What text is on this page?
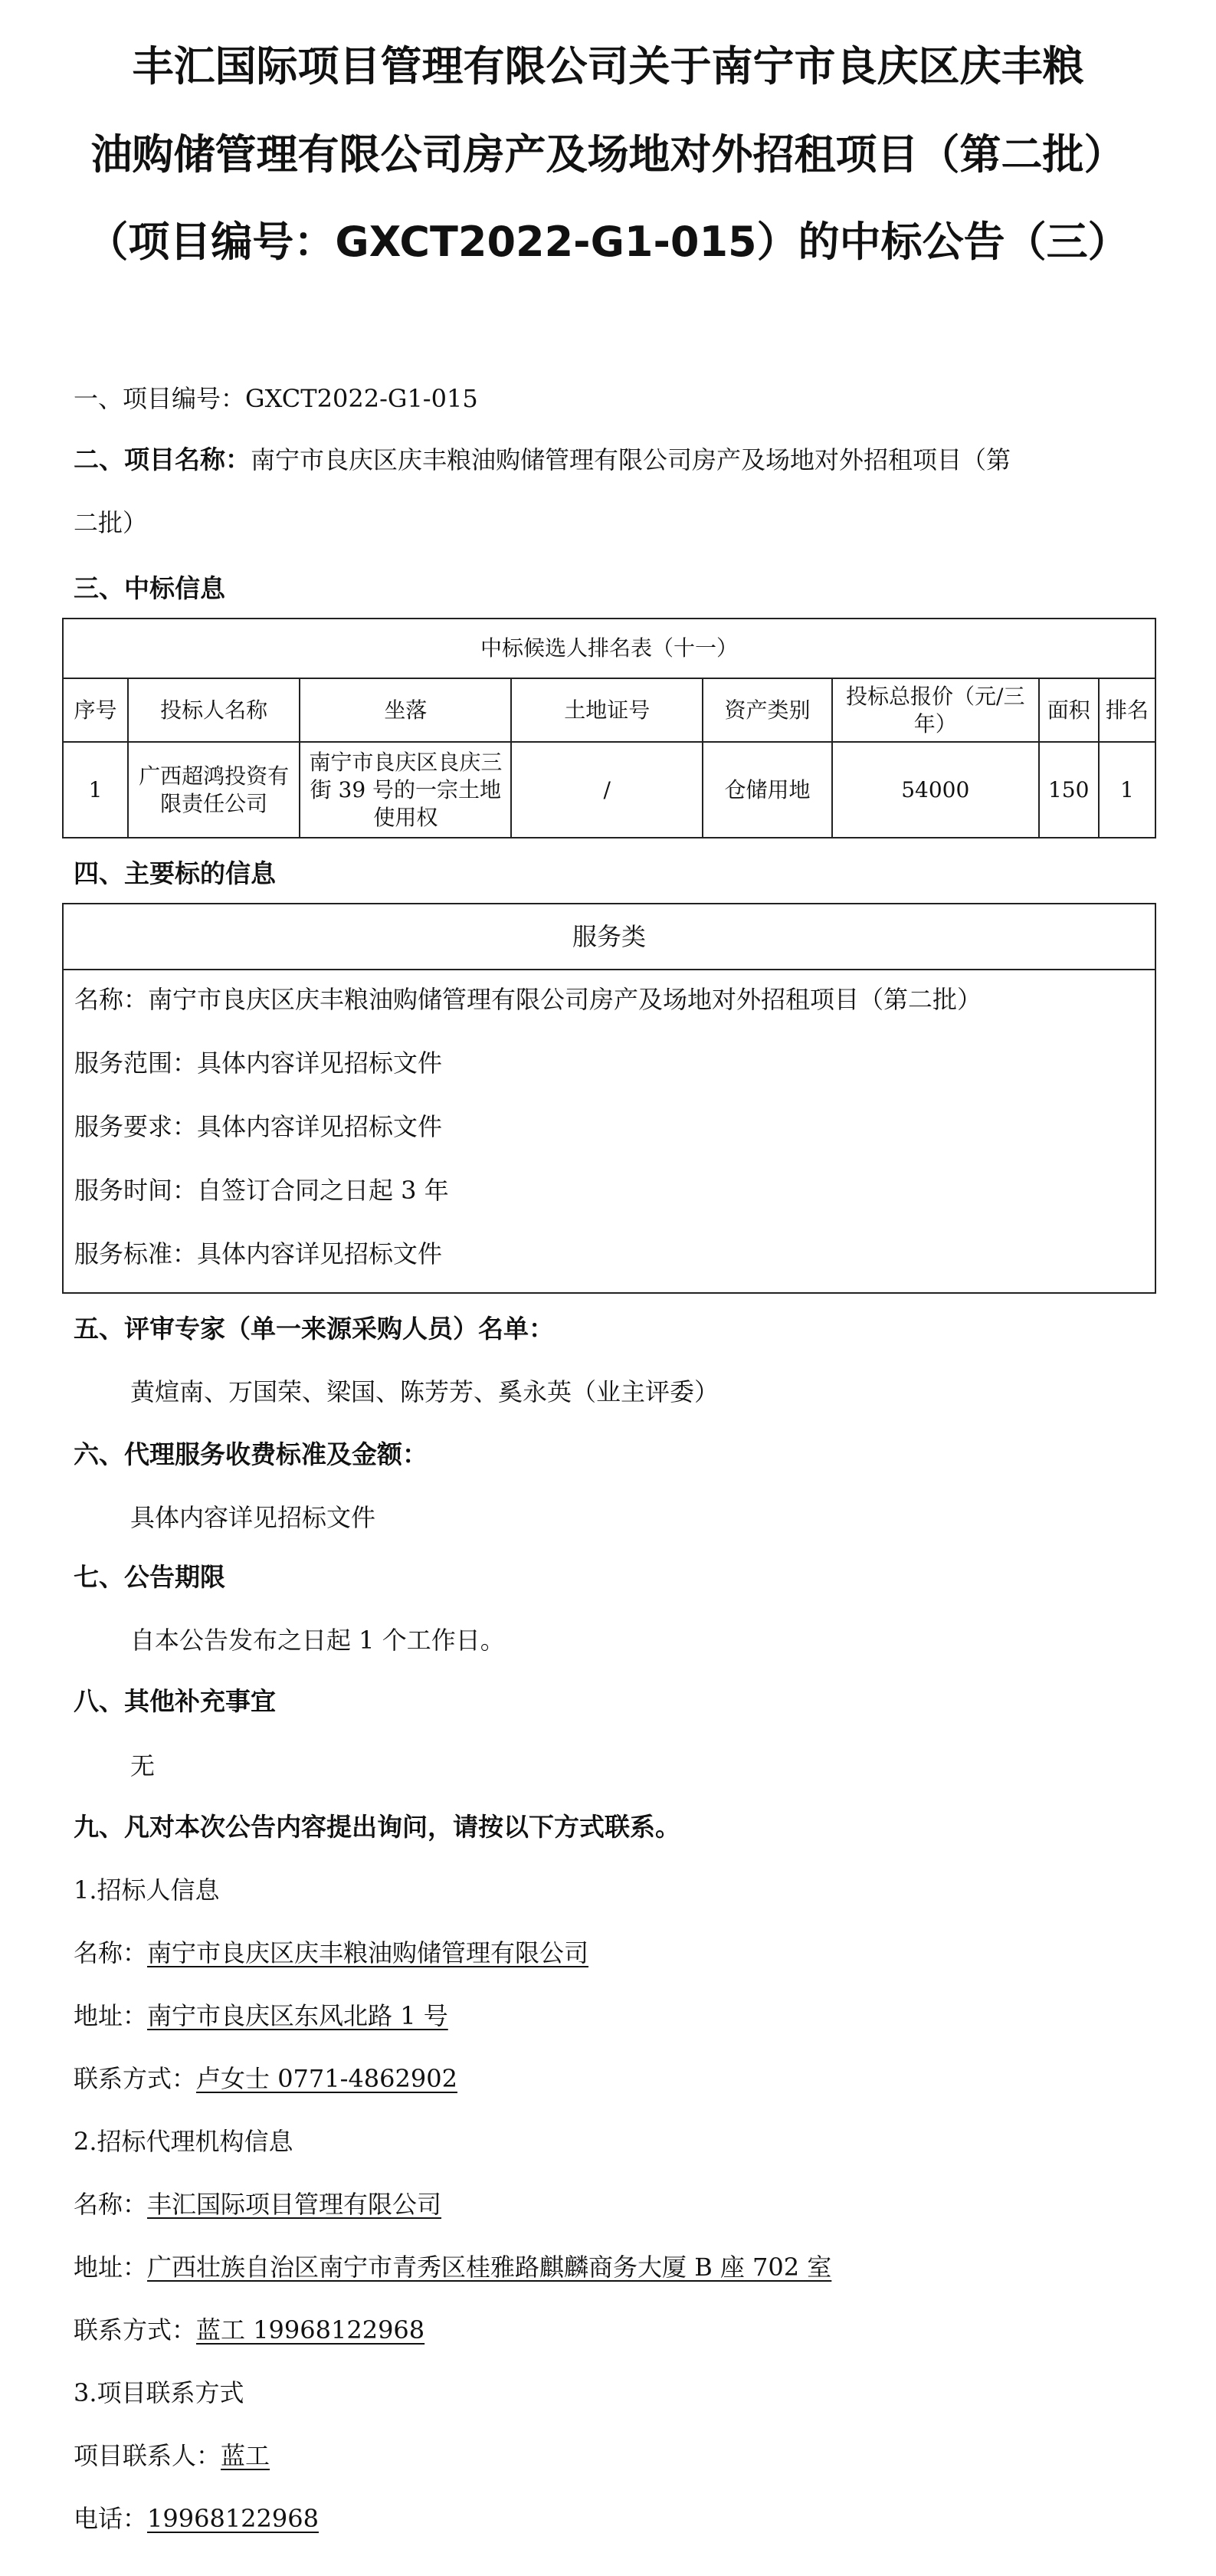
丰汇国际项目管理有限公司关于南宁市良庆区庆丰粮
油购储管理有限公司房产及场地对外招租项目（第二批）
（项目编号：GXCT2022-G1-015）的中标公告（三）
一、项目编号：GXCT2022-G1-015
二、项目名称：南宁市良庆区庆丰粮油购储管理有限公司房产及场地对外招租项目（第
二批）
三、中标信息
中标候选人排名表（十一）							
序号	投标人名称	坐落	土地证号	资产类别	投标总报价（元/三年）	面积	排名
1	广西超鸿投资有限责任公司	南宁市良庆区良庆三街 39 号的一宗土地使用权	/	仓储用地	54000	150	1
四、主要标的信息
服务类
名称：南宁市良庆区庆丰粮油购储管理有限公司房产及场地对外招租项目（第二批）
服务范围：具体内容详见招标文件
服务要求：具体内容详见招标文件
服务时间：自签订合同之日起 3 年
服务标准：具体内容详见招标文件
五、评审专家（单一来源采购人员）名单：
黄煊南、万国荣、梁国、陈芳芳、奚永英（业主评委）
六、代理服务收费标准及金额：
具体内容详见招标文件
七、公告期限
自本公告发布之日起 1 个工作日。
八、其他补充事宜
无
九、凡对本次公告内容提出询问，请按以下方式联系。
1.招标人信息
名称：南宁市良庆区庆丰粮油购储管理有限公司
地址：南宁市良庆区东风北路 1 号
联系方式：卢女士 0771-4862902
2.招标代理机构信息
名称：丰汇国际项目管理有限公司
地址：广西壮族自治区南宁市青秀区桂雅路麒麟商务大厦 B 座 702 室
联系方式：蓝工 19968122968
3.项目联系方式
项目联系人：蓝工
电话：19968122968
